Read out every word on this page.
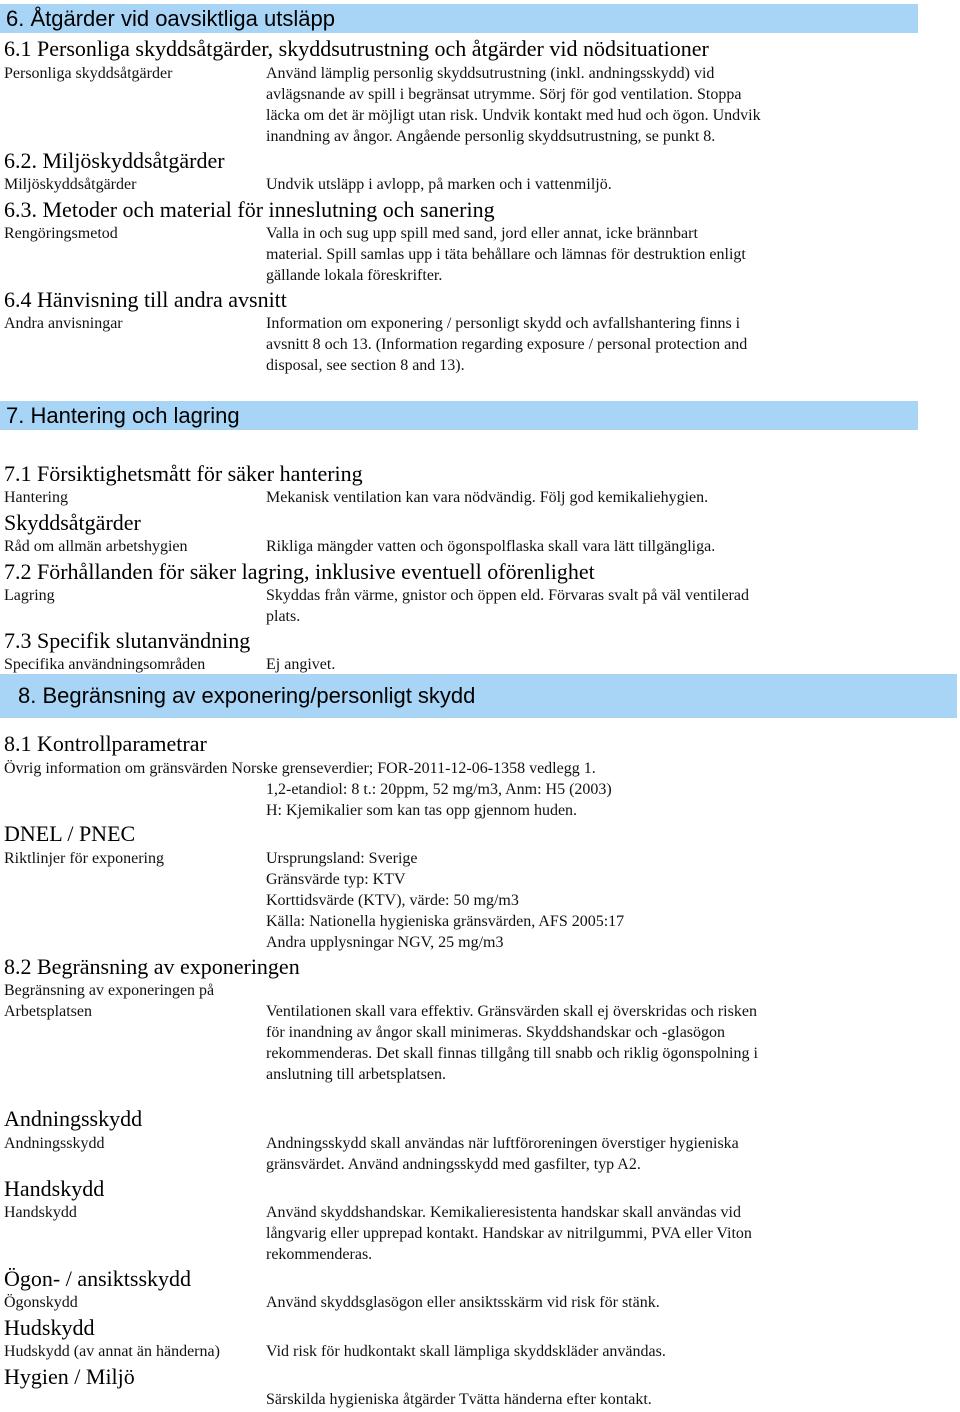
6. Åtgärder vid oavsiktliga utsläpp
6.1 Personliga skyddsåtgärder, skyddsutrustning och åtgärder vid nödsituationer
Personliga skyddsåtgärder	Använd lämplig personlig skyddsutrustning (inkl. andningsskydd) vid
avlägsnande av spill i begränsat utrymme. Sörj för god ventilation. Stoppa
läcka om det är möjligt utan risk. Undvik kontakt med hud och ögon. Undvik
inandning av ångor. Angående personlig skyddsutrustning, se punkt 8.
6.2. Miljöskyddsåtgärder
Miljöskyddsåtgärder	Undvik utsläpp i avlopp, på marken och i vattenmiljö.
6.3. Metoder och material för inneslutning och sanering
Rengöringsmetod	Valla in och sug upp spill med sand, jord eller annat, icke brännbart
material. Spill samlas upp i täta behållare och lämnas för destruktion enligt
gällande lokala föreskrifter.
6.4 Hänvisning till andra avsnitt
Andra anvisningar	Information om exponering / personligt skydd och avfallshantering finns i
avsnitt 8 och 13. (Information regarding exposure / personal protection and
disposal, see section 8 and 13).
7. Hantering och lagring
7.1 Försiktighetsmått för säker hantering
Hantering	Mekanisk ventilation kan vara nödvändig. Följ god kemikaliehygien.
Skyddsåtgärder
Råd om allmän arbetshygien	Rikliga mängder vatten och ögonspolflaska skall vara lätt tillgängliga.
7.2 Förhållanden för säker lagring, inklusive eventuell oförenlighet
Lagring	Skyddas från värme, gnistor och öppen eld. Förvaras svalt på väl ventilerad
plats.
7.3 Specifik slutanvändning
Specifika användningsområden	Ej angivet.
8. Begränsning av exponering/personligt skydd
8.1 Kontrollparametrar
Övrig information om gränsvärden Norske grenseverdier; FOR-2011-12-06-1358 vedlegg 1.
1,2-etandiol: 8 t.: 20ppm, 52 mg/m3, Anm: H5 (2003)
H: Kjemikalier som kan tas opp gjennom huden.
DNEL / PNEC
Riktlinjer för exponering	Ursprungsland: Sverige
Gränsvärde typ: KTV
Korttidsvärde (KTV), värde: 50 mg/m3
Källa: Nationella hygieniska gränsvärden, AFS 2005:17
Andra upplysningar NGV, 25 mg/m3
8.2 Begränsning av exponeringen
Begränsning av exponeringen på
Arbetsplatsen	Ventilationen skall vara effektiv. Gränsvärden skall ej överskridas och risken
för inandning av ångor skall minimeras. Skyddshandskar och -glasögon
rekommenderas. Det skall finnas tillgång till snabb och riklig ögonspolning i
anslutning till arbetsplatsen.
Andningsskydd
Andningsskydd	Andningsskydd skall användas när luftföroreningen överstiger hygieniska
gränsvärdet. Använd andningsskydd med gasfilter, typ A2.
Handskydd
Handskydd	Använd skyddshandskar. Kemikalieresistenta handskar skall användas vid
långvarig eller upprepad kontakt. Handskar av nitrilgummi, PVA eller Viton
rekommenderas.
Ögon- / ansiktsskydd
Ögonskydd	Använd skyddsglasögon eller ansiktsskärm vid risk för stänk.
Hudskydd
Hudskydd (av annat än händerna)	Vid risk för hudkontakt skall lämpliga skyddskläder användas.
Hygien / Miljö
Särskilda hygieniska åtgärder Tvätta händerna efter kontakt.
